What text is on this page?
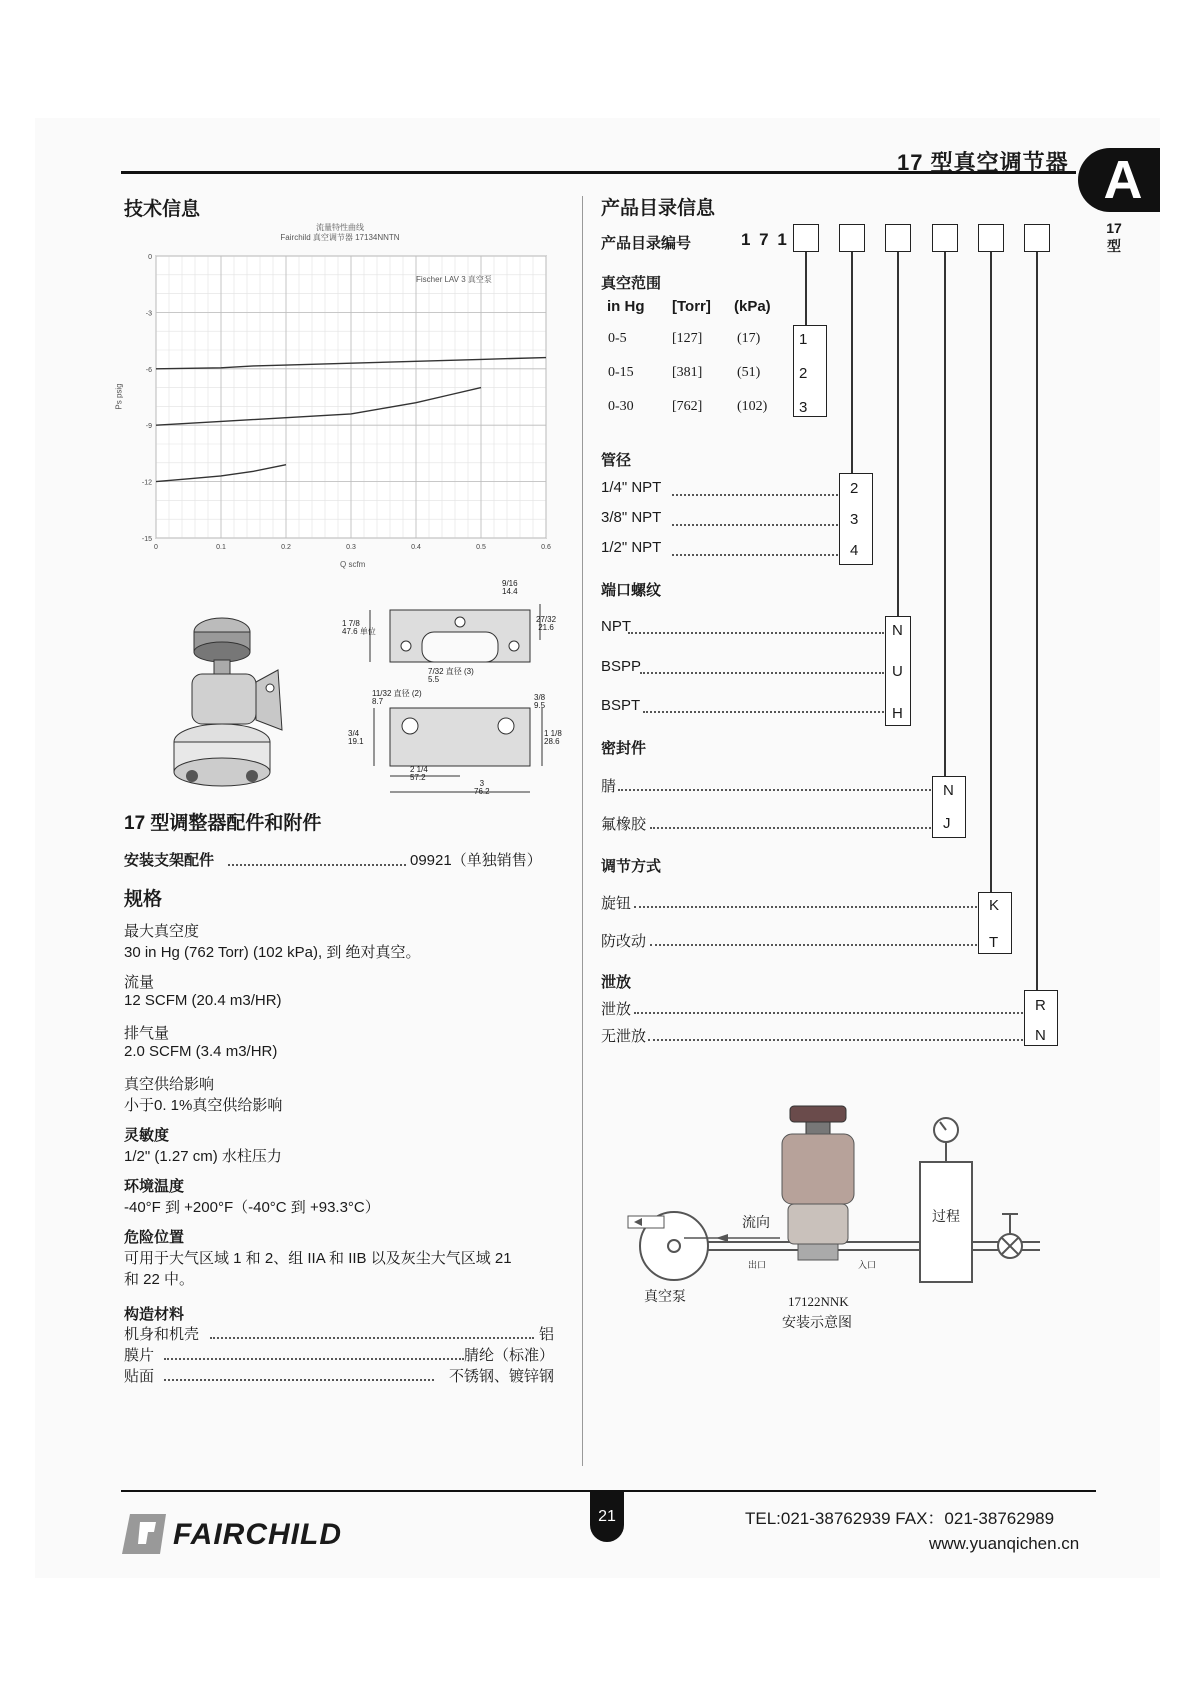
17 型真空调节器 A
17 型
技术信息
流量特性曲线
Fairchild 真空调节器 17134NNTN
0	0.1	0.2	0.3	0.4	0.5	0.6
0
-3
-6
-9
-12
-15
Fischer LAV 3 真空泵
Ps psig
Q scfm
9/16
14.4
27/32
21.6
1 7/8
47.6 单位
7/32 直径 (3)
5.5
11/32 直径 (2)
8.7	3/8
9.5
1 1/8
28.6
3/4
19.1
2 1/4
57.2
3
76.2
17 型调整器配件和附件
安装支架配件	09921（单独销售）
规格
最大真空度
30 in Hg (762 Torr) (102 kPa), 到 绝对真空。
流量
12 SCFM (20.4 m3/HR)
排气量
2.0 SCFM (3.4 m3/HR)
真空供给影响
小于0. 1%真空供给影响
灵敏度
1/2" (1.27 cm) 水柱压力
环境温度
-40°F 到 +200°F（-40°C 到 +93.3°C）
危险位置
可用于大气区域 1 和 2、组 IIA 和 IIB 以及灰尘大气区域 21
和 22 中。
构造材料
机身和机壳	铝
膜片	腈纶（标准）
贴面	不锈钢、镀锌钢
产品目录信息
产品目录编号	1 7 1
真空范围
in Hg [Torr] (kPa)
0-5	[127] (17)	1
0-15	[381] (51)	2
0-30	[762] (102) 3
管径
1/4" NPT	2
3/8" NPT	3
1/2" NPT	4
端口螺纹
NPT	N
BSPP	U
BSPT	H
密封件
腈	N
氟橡胶	J
调节方式
旋钮	K
防改动	T
泄放
泄放	R
无泄放	N
流向	过程
出口	入口
真空泵	17122NNK
安装示意图
FAIRCHILD
21	TEL:021-38762939 FAX：021-38762989
www.yuanqichen.cn
